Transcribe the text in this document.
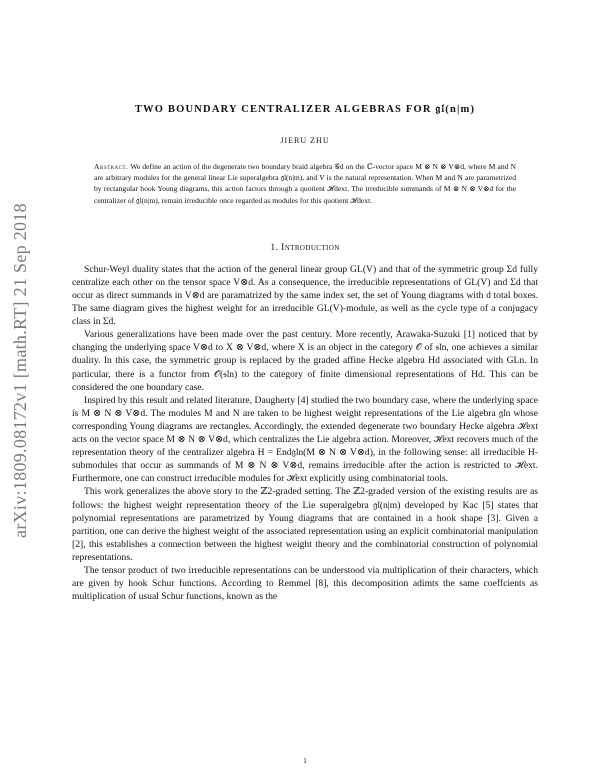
arXiv:1809.08172v1 [math.RT] 21 Sep 2018
TWO BOUNDARY CENTRALIZER ALGEBRAS FOR 𝔤𝔩(n|m)
JIERU ZHU
Abstract. We define an action of the degenerate two boundary braid algebra 𝒢d on the ℂ-vector space M ⊗ N ⊗ V⊗d, where M and N are arbitrary modules for the general linear Lie superalgebra 𝔤𝔩(n|m), and V is the natural representation. When M and N are parametrized by rectangular hook Young diagrams, this action factors through a quotient ℋdext. The irreducible summands of M ⊗ N ⊗ V⊗d for the centralizer of 𝔤𝔩(n|m), remain irreducible once regarded as modules for this quotient ℋdext.
1. Introduction

Schur-Weyl duality states that the action of the general linear group GL(V) and that of the symmetric group Σd fully centralize each other on the tensor space V⊗d. As a consequence, the irreducible representations of GL(V) and Σd that occur as direct summands in V⊗d are paramatrized by the same index set, the set of Young diagrams with d total boxes. The same diagram gives the highest weight for an irreducible GL(V)-module, as well as the cycle type of a conjugacy class in Σd.

Various generalizations have been made over the past century. More recently, Arawaka-Suzuki [1] noticed that by changing the underlying space V⊗d to X ⊗ V⊗d, where X is an object in the category 𝒪 of 𝔰𝔩n, one achieves a similar duality. In this case, the symmetric group is replaced by the graded affine Hecke algebra Hd associated with GLn. In particular, there is a functor from 𝒪(𝔰𝔩n) to the category of finite dimensional representations of Hd. This can be considered the one boundary case.

Inspired by this result and related literature, Daugherty [4] studied the two boundary case, where the underlying space is M ⊗ N ⊗ V⊗d. The modules M and N are taken to be highest weight representations of the Lie algebra 𝔤𝔩n whose corresponding Young diagrams are rectangles. Accordingly, the extended degenerate two boundary Hecke algebra ℋext acts on the vector space M ⊗ N ⊗ V⊗d, which centralizes the Lie algebra action. Moreover, ℋext recovers much of the representation theory of the centralizer algebra H = End𝔤𝔩n(M ⊗ N ⊗ V⊗d), in the following sense: all irreducible H-submodules that occur as summands of M ⊗ N ⊗ V⊗d, remains irreducible after the action is restricted to ℋext. Furthermore, one can construct irreducible modules for ℋext explicitly using combinatorial tools.

This work generalizes the above story to the ℤ2-graded setting. The ℤ2-graded version of the existing results are as follows: the highest weight representation theory of the Lie superalgebra 𝔤𝔩(n|m) developed by Kac [5] states that polynomial representations are parametrized by Young diagrams that are contained in a hook shape [3]. Given a partition, one can derive the highest weight of the associated representation using an explicit combinatorial manipulation [2], this establishes a connection between the highest weight theory and the combinatorial construction of polynomial representations.

The tensor product of two irreducible representations can be understood via multiplication of their characters, which are given by hook Schur functions. According to Remmel [8], this decomposition adimts the same coeffcients as multiplication of usual Schur functions, known as the

1
